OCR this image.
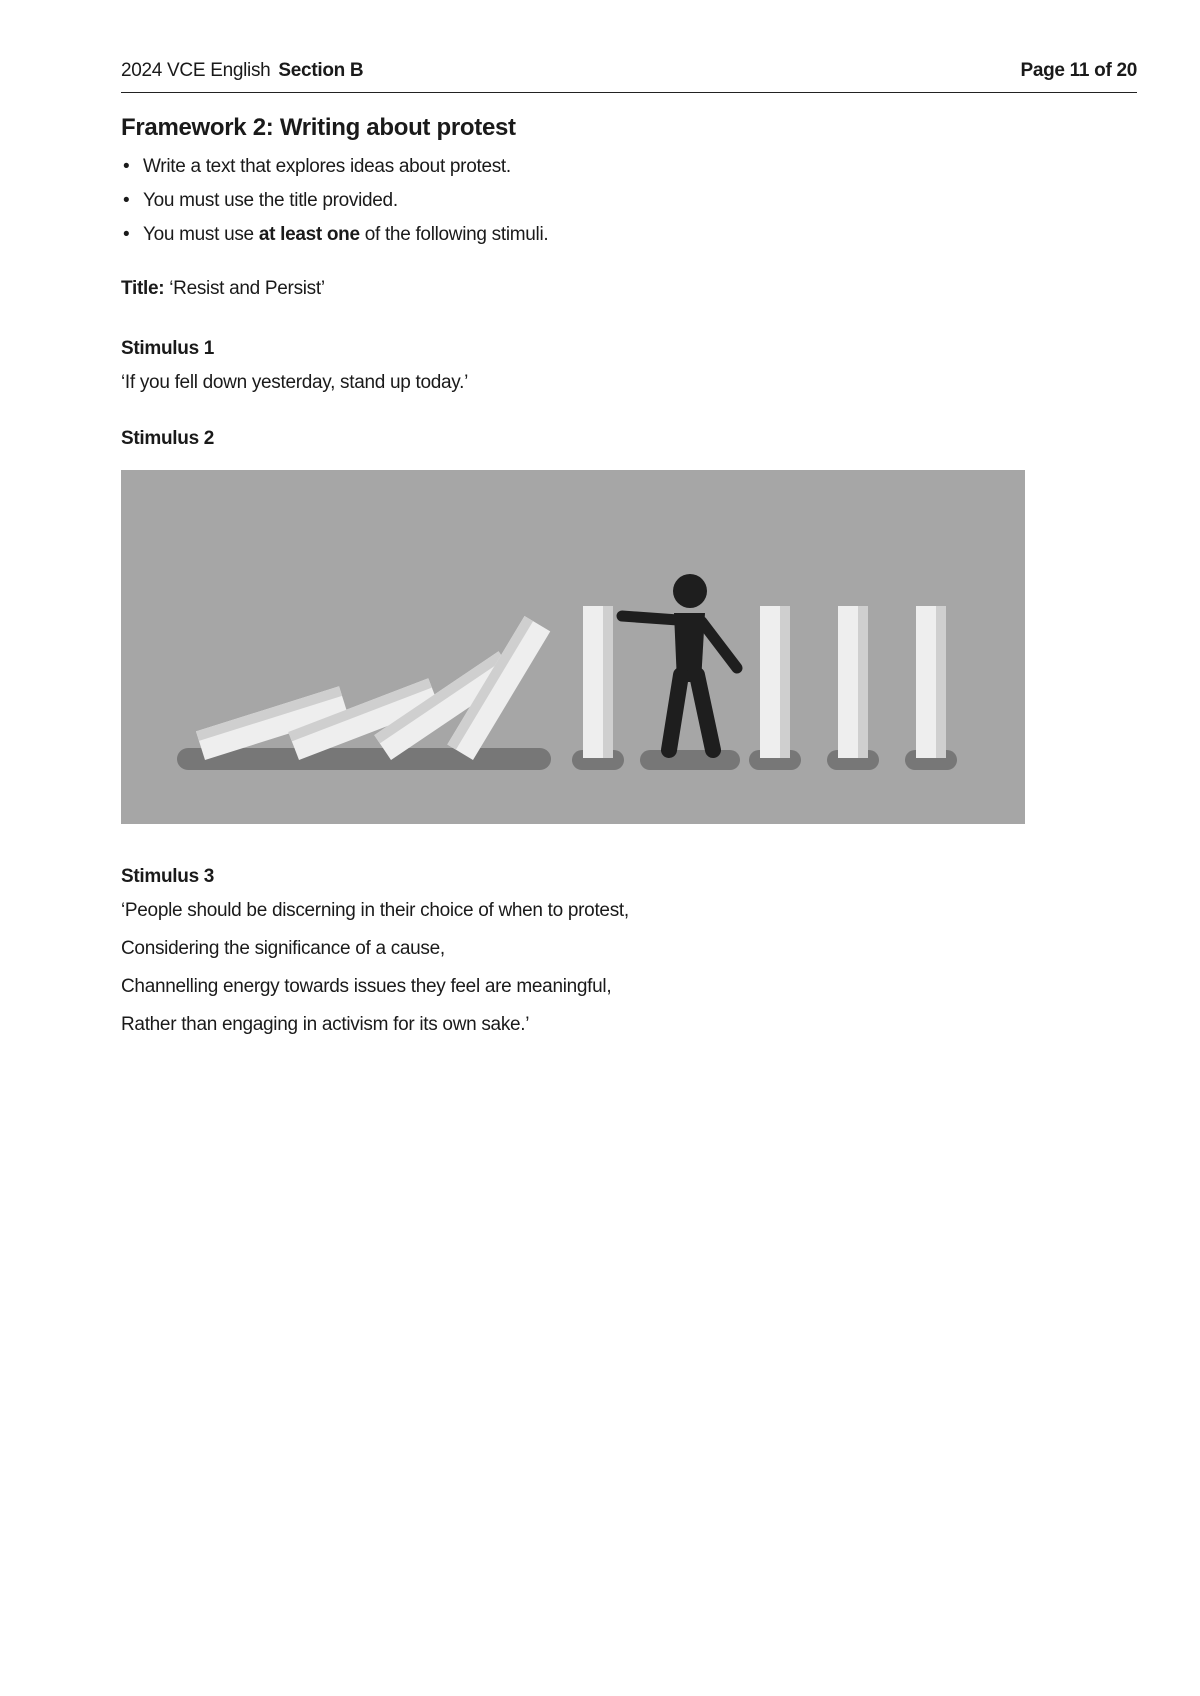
2024 VCE English Section B	Page 11 of 20
Framework 2: Writing about protest
• Write a text that explores ideas about protest.
• You must use the title provided.
• You must use at least one of the following stimuli.
Title: ‘Resist and Persist’
Stimulus 1
‘If you fell down yesterday, stand up today.’
Stimulus 2
Stimulus 3
‘People should be discerning in their choice of when to protest,
Considering the significance of a cause,
Channelling energy towards issues they feel are meaningful,
Rather than engaging in activism for its own sake.’
